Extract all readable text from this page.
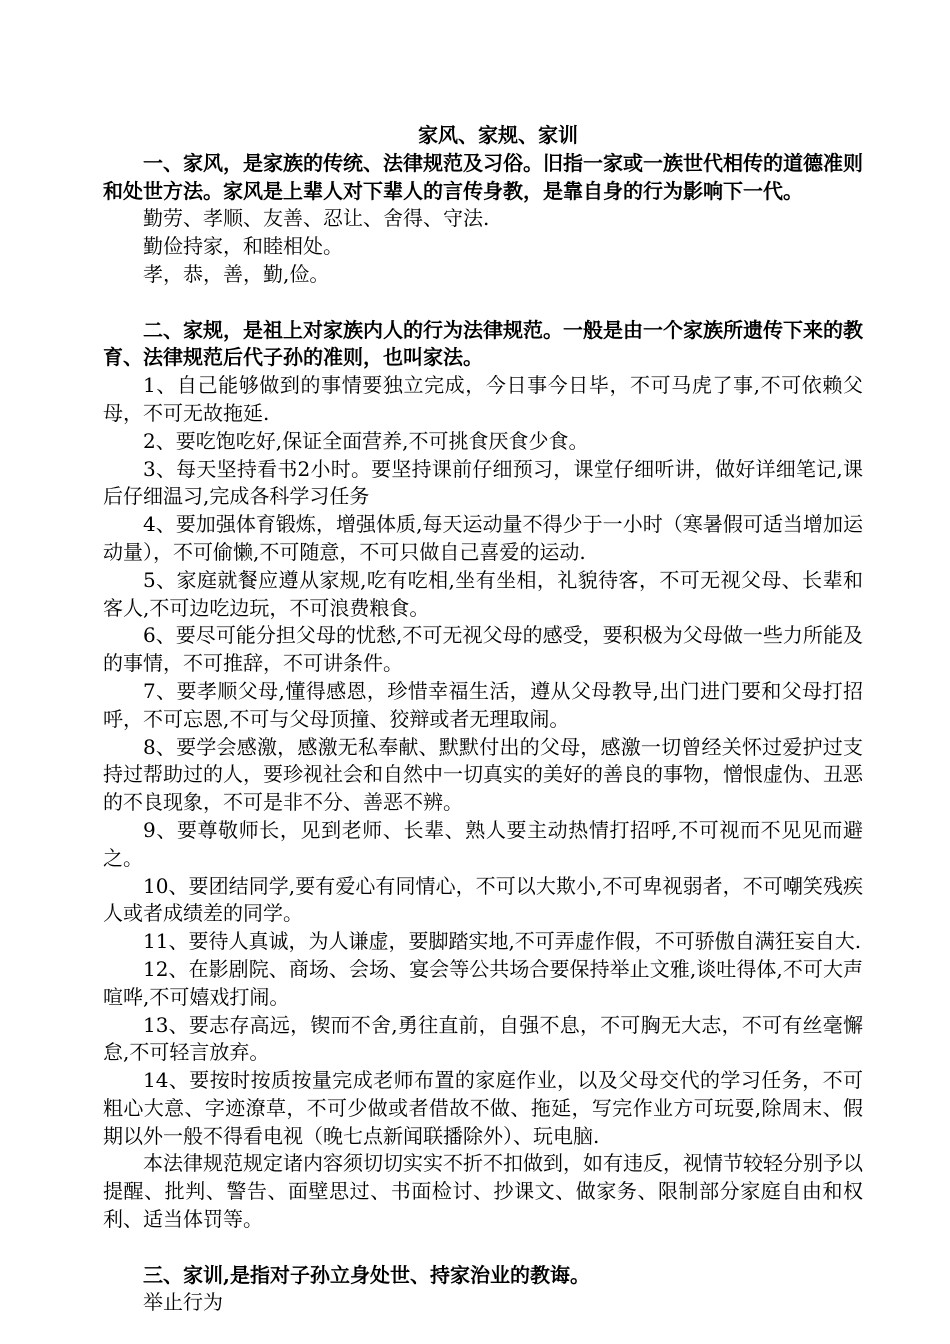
家风、家规、家训

一、家风，是家族的传统、法律规范及习俗。旧指一家或一族世代相传的道德准则和处世方法。家风是上辈人对下辈人的言传身教，是靠自身的行为影响下一代。

勤劳、孝顺、友善、忍让、舍得、守法.

勤俭持家，和睦相处。

孝，恭，善，勤,俭。

二、家规，是祖上对家族内人的行为法律规范。一般是由一个家族所遗传下来的教育、法律规范后代子孙的准则，也叫家法。

1、自己能够做到的事情要独立完成，今日事今日毕，不可马虎了事,不可依赖父母，不可无故拖延.

2、要吃饱吃好,保证全面营养,不可挑食厌食少食。

3、每天坚持看书2小时。要坚持课前仔细预习，课堂仔细听讲，做好详细笔记,课后仔细温习,完成各科学习任务

4、要加强体育锻炼，增强体质,每天运动量不得少于一小时（寒暑假可适当增加运动量），不可偷懒,不可随意，不可只做自己喜爱的运动.

5、家庭就餐应遵从家规,吃有吃相,坐有坐相，礼貌待客，不可无视父母、长辈和客人,不可边吃边玩，不可浪费粮食。

6、要尽可能分担父母的忧愁,不可无视父母的感受，要积极为父母做一些力所能及的事情，不可推辞，不可讲条件。

7、要孝顺父母,懂得感恩，珍惜幸福生活，遵从父母教导,出门进门要和父母打招呼，不可忘恩,不可与父母顶撞、狡辩或者无理取闹。

8、要学会感激，感激无私奉献、默默付出的父母，感激一切曾经关怀过爱护过支持过帮助过的人，要珍视社会和自然中一切真实的美好的善良的事物，憎恨虚伪、丑恶的不良现象，不可是非不分、善恶不辨。

9、要尊敬师长，见到老师、长辈、熟人要主动热情打招呼,不可视而不见见而避之。

10、要团结同学,要有爱心有同情心，不可以大欺小,不可卑视弱者，不可嘲笑残疾人或者成绩差的同学。

11、要待人真诚，为人谦虚，要脚踏实地,不可弄虚作假，不可骄傲自满狂妄自大.

12、在影剧院、商场、会场、宴会等公共场合要保持举止文雅,谈吐得体,不可大声喧哗,不可嬉戏打闹。

13、要志存高远，锲而不舍,勇往直前，自强不息，不可胸无大志，不可有丝毫懈怠,不可轻言放弃。

14、要按时按质按量完成老师布置的家庭作业，以及父母交代的学习任务，不可粗心大意、字迹潦草，不可少做或者借故不做、拖延，写完作业方可玩耍,除周末、假期以外一般不得看电视（晚七点新闻联播除外）、玩电脑.

本法律规范规定诸内容须切切实实不折不扣做到，如有违反，视情节较轻分别予以提醒、批判、警告、面壁思过、书面检讨、抄课文、做家务、限制部分家庭自由和权利、适当体罚等。

三、家训,是指对子孙立身处世、持家治业的教诲。

举止行为
